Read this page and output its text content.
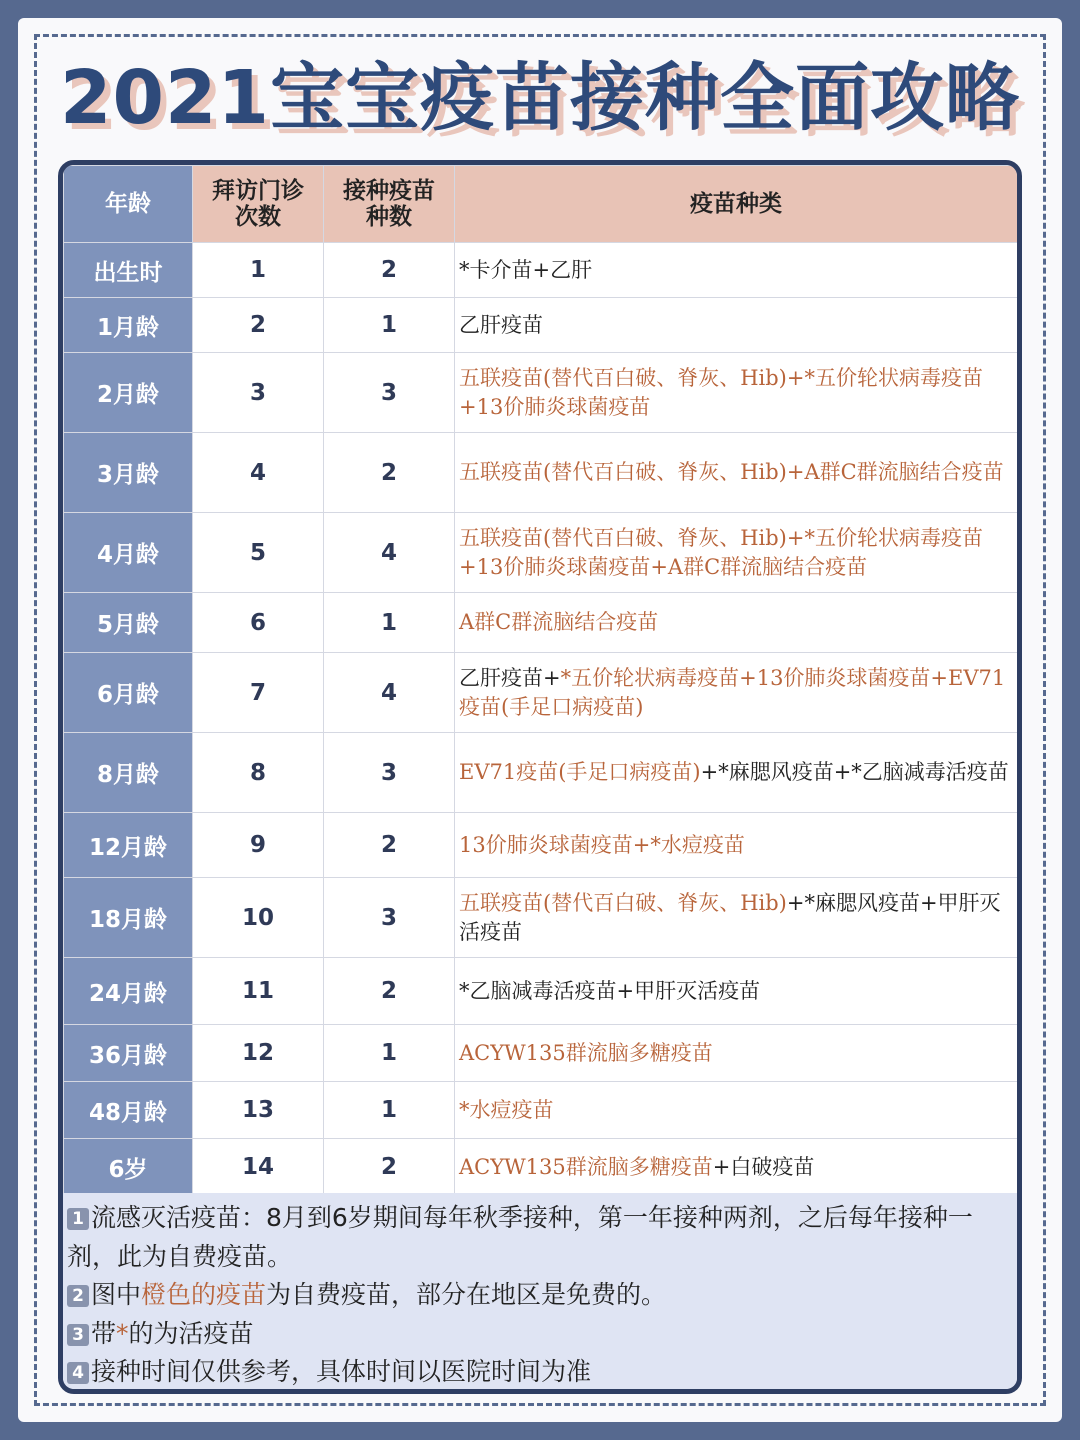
2021宝宝疫苗接种全面攻略
年龄	拜访门诊次数	接种疫苗种数	疫苗种类
出生时	1	2	*卡介苗+乙肝
1月龄	2	1	乙肝疫苗
2月龄	3	3	五联疫苗(替代百白破、脊灰、Hib)+*五价轮状病毒疫苗+13价肺炎球菌疫苗
3月龄	4	2	五联疫苗(替代百白破、脊灰、Hib)+A群C群流脑结合疫苗
4月龄	5	4	五联疫苗(替代百白破、脊灰、Hib)+*五价轮状病毒疫苗+13价肺炎球菌疫苗+A群C群流脑结合疫苗
5月龄	6	1	A群C群流脑结合疫苗
6月龄	7	4	乙肝疫苗+*五价轮状病毒疫苗+13价肺炎球菌疫苗+EV71疫苗(手足口病疫苗)
8月龄	8	3	EV71疫苗(手足口病疫苗)+*麻腮风疫苗+*乙脑减毒活疫苗
12月龄	9	2	13价肺炎球菌疫苗+*水痘疫苗
18月龄	10	3	五联疫苗(替代百白破、脊灰、Hib)+*麻腮风疫苗+甲肝灭活疫苗
24月龄	11	2	*乙脑减毒活疫苗+甲肝灭活疫苗
36月龄	12	1	ACYW135群流脑多糖疫苗
48月龄	13	1	*水痘疫苗
6岁	14	2	ACYW135群流脑多糖疫苗+白破疫苗
1 流感灭活疫苗：8月到6岁期间每年秋季接种，第一年接种两剂，之后每年接种一剂，此为自费疫苗。
2 图中橙色的疫苗为自费疫苗，部分在地区是免费的。
3 带*的为活疫苗
4 接种时间仅供参考，具体时间以医院时间为准
